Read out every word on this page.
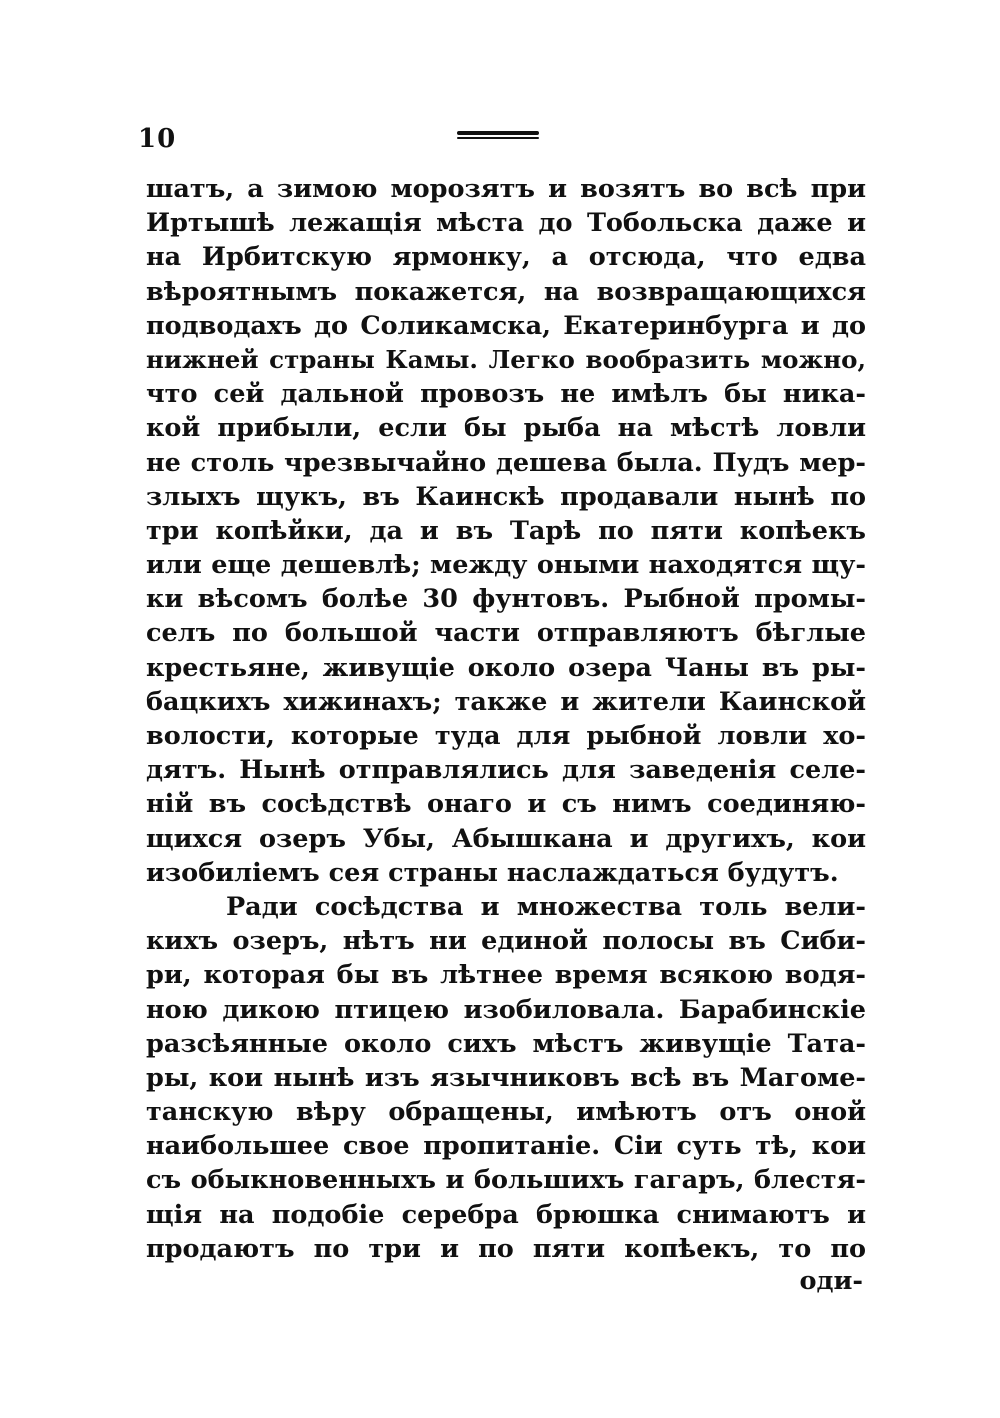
10
шатъ, а зимою морозятъ и возятъ во всѣ при
Иртышѣ лежащія мѣста до Тобольска даже и
на Ирбитскую ярмонку, а отсюда, что едва
вѣроятнымъ покажется, на возвращающихся
подводахъ до Соликамска, Екатеринбурга и до
нижней страны Камы. Легко вообразить можно,
что сей дальной провозъ не имѣлъ бы ника-
кой прибыли, если бы рыба на мѣстѣ ловли
не столь чрезвычайно дешева была. Пудъ мер-
злыхъ щукъ, въ Каинскѣ продавали нынѣ по
три копѣйки, да и въ Тарѣ по пяти копѣекъ
или еще дешевлѣ; между оными находятся щу-
ки вѣсомъ болѣе 30 фунтовъ. Рыбной промы-
селъ по большой части отправляютъ бѣглые
крестьяне, живущіе около озера Чаны въ ры-
бацкихъ хижинахъ; также и жители Каинской
волости, которые туда для рыбной ловли хо-
дятъ. Нынѣ отправлялись для заведенія селе-
ній въ сосѣдствѣ онаго и съ нимъ соединяю-
щихся озеръ Убы, Абышкана и другихъ, кои
изобиліемъ сея страны наслаждаться будутъ.
Ради сосѣдства и множества толь вели-
кихъ озеръ, нѣтъ ни единой полосы въ Сиби-
ри, которая бы въ лѣтнее время всякою водя-
ною дикою птицею изобиловала. Барабинскіе
разсѣянные около сихъ мѣстъ живущіе Тата-
ры, кои нынѣ изъ язычниковъ всѣ въ Магоме-
танскую вѣру обращены, имѣютъ отъ оной
наибольшее свое пропитаніе. Сіи суть тѣ, кои
съ обыкновенныхъ и большихъ гагаръ, блестя-
щія на подобіе серебра брюшка снимаютъ и
продаютъ по три и по пяти копѣекъ, то по
оди-
